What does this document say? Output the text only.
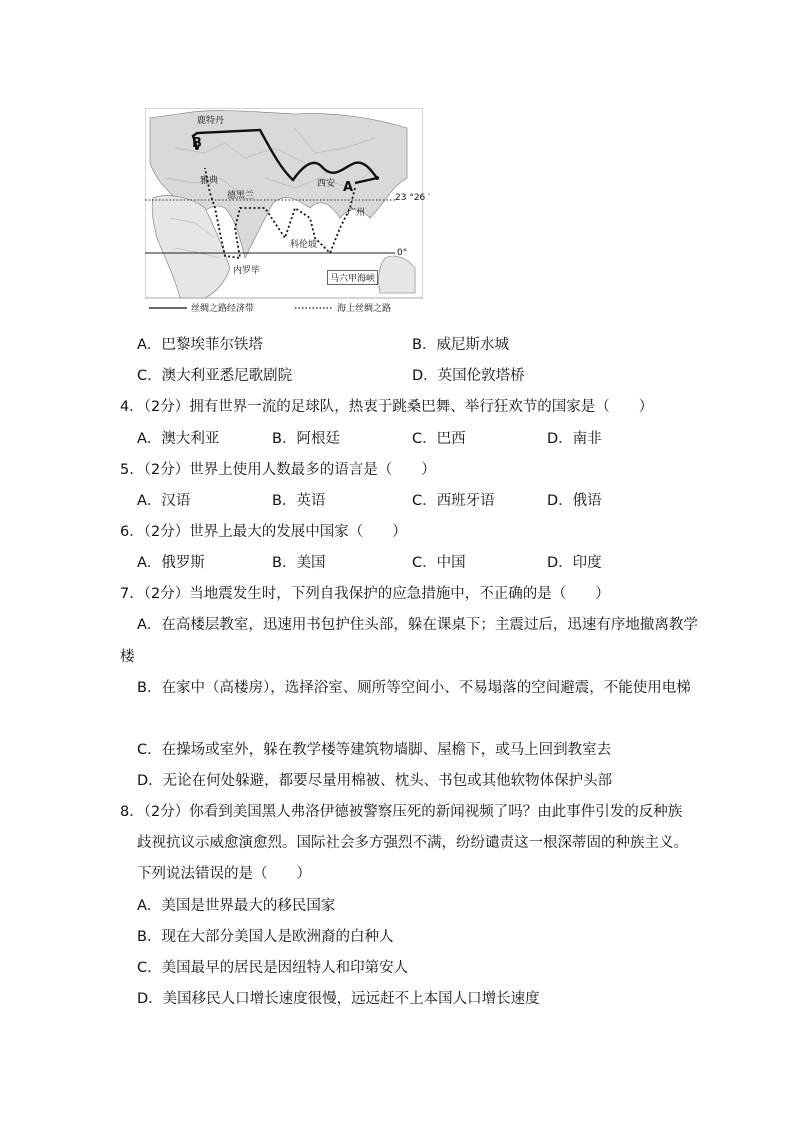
鹿特丹
B
雅典
德黑兰
西安 A
广州
科伦坡
内罗毕
马六甲海峡
23 °26 ′
0°
丝绸之路经济带	海上丝绸之路
A．巴黎埃菲尔铁塔	B．威尼斯水城
C．澳大利亚悉尼歌剧院	D．英国伦敦塔桥
4．（2分）拥有世界一流的足球队，热衷于跳桑巴舞、举行狂欢节的国家是（　　）
A．澳大利亚	B．阿根廷	C．巴西	D．南非
5．（2分）世界上使用人数最多的语言是（　　）
A．汉语	B．英语	C．西班牙语	D．俄语
6．（2分）世界上最大的发展中国家（　　）
A．俄罗斯	B．美国	C．中国	D．印度
7．（2分）当地震发生时，下列自我保护的应急措施中，不正确的是（　　）
A．在高楼层教室，迅速用书包护住头部，躲在课桌下；主震过后，迅速有序地撤离教学
楼
B．在家中（高楼房），选择浴室、厕所等空间小、不易塌落的空间避震，不能使用电梯
C．在操场或室外，躲在教学楼等建筑物墙脚、屋檐下，或马上回到教室去
D．无论在何处躲避，都要尽量用棉被、枕头、书包或其他软物体保护头部
8．（2分）你看到美国黑人弗洛伊德被警察压死的新闻视频了吗？由此事件引发的反种族
歧视抗议示威愈演愈烈。国际社会多方强烈不满，纷纷谴责这一根深蒂固的种族主义。
下列说法错误的是（　　）
A．美国是世界最大的移民国家
B．现在大部分美国人是欧洲裔的白种人
C．美国最早的居民是因纽特人和印第安人
D．美国移民人口增长速度很慢，远远赶不上本国人口增长速度
